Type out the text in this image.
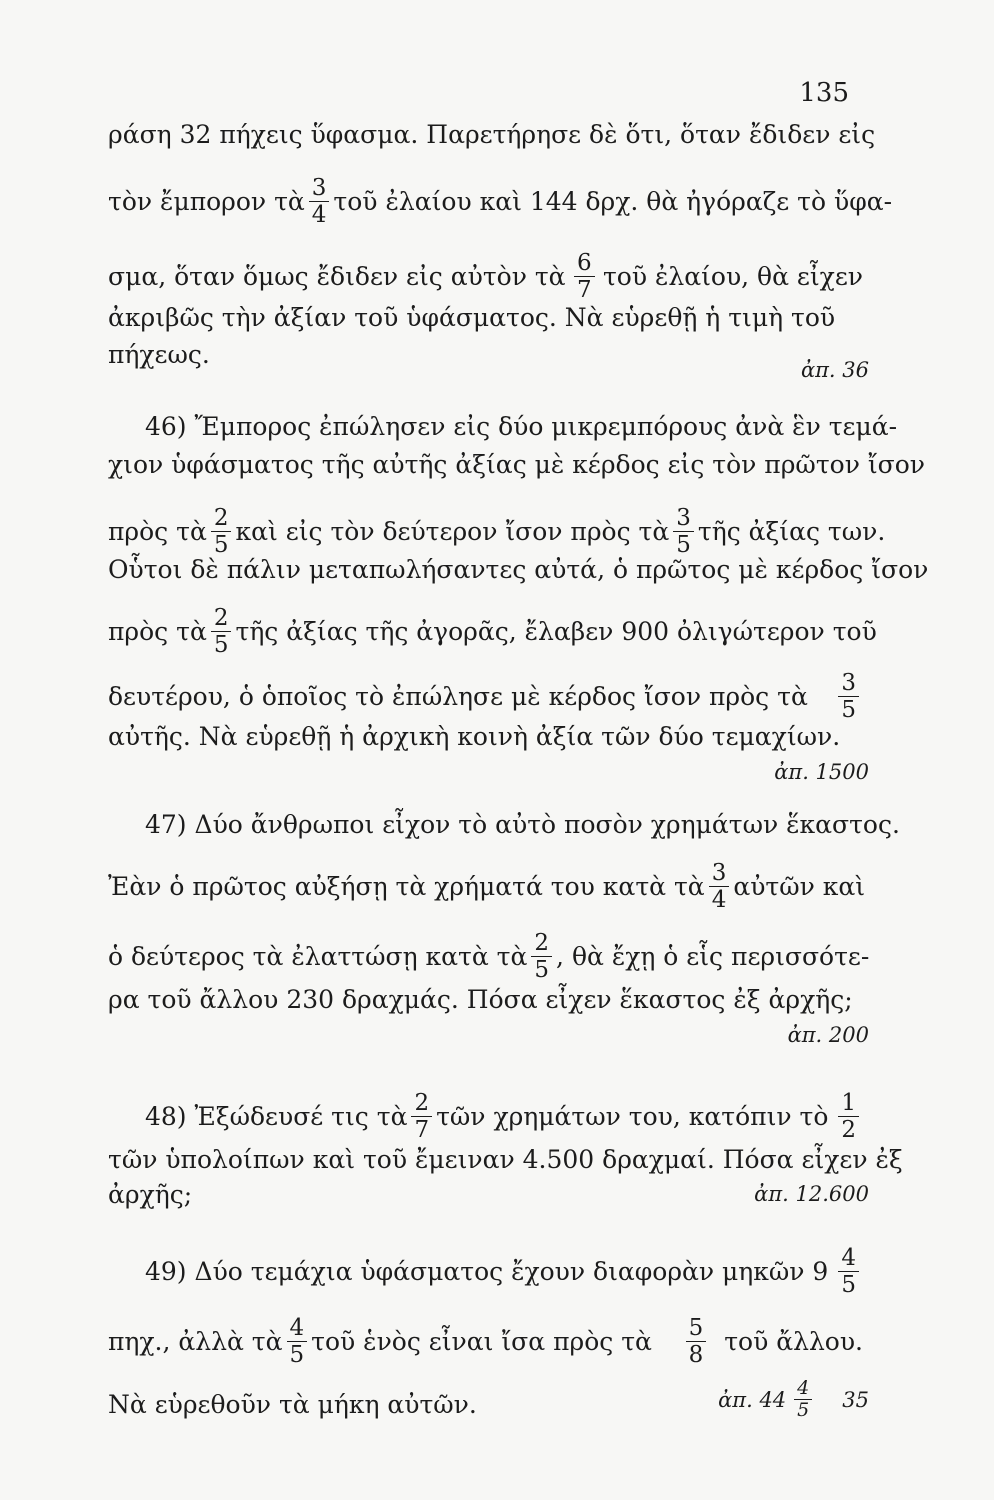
135
ράση 32 πήχεις ὕφασμα. Παρετήρησε δὲ ὅτι, ὅταν ἔδιδεν εἰς
τὸν ἔμπορον τὰ $\frac{3}{4}$ τοῦ ἐλαίου καὶ 144 δρχ. θὰ ἠγόραζε τὸ ὕφα-
σμα, ὅταν ὅμως ἔδιδεν εἰς αὐτὸν τὰ $\frac{6}{7}$ τοῦ ἐλαίου, θὰ εἶχεν
ἀκριβῶς τὴν ἀξίαν τοῦ ὑφάσματος. Νὰ εὑρεθῇ ἡ τιμὴ τοῦ
πήχεως.
ἀπ. 36
46) Ἔμπορος ἐπώλησεν εἰς δύο μικρεμπόρους ἀνὰ ἓν τεμά-
χιον ὑφάσματος τῆς αὐτῆς ἀξίας μὲ κέρδος εἰς τὸν πρῶτον ἴσον
πρὸς τὰ $\frac{2}{5}$ καὶ εἰς τὸν δεύτερον ἴσον πρὸς τὰ $\frac{3}{5}$ τῆς ἀξίας των.
Οὗτοι δὲ πάλιν μεταπωλήσαντες αὐτά, ὁ πρῶτος μὲ κέρδος ἴσον
πρὸς τὰ $\frac{2}{5}$ τῆς ἀξίας τῆς ἀγορᾶς, ἔλαβεν 900 ὀλιγώτερον τοῦ
δευτέρου, ὁ ὁποῖος τὸ ἐπώλησε μὲ κέρδος ἴσον πρὸς τὰ $\frac{3}{5}$
αὐτῆς. Νὰ εὑρεθῇ ἡ ἀρχικὴ κοινὴ ἀξία τῶν δύο τεμαχίων.
ἀπ. 1500
47) Δύο ἄνθρωποι εἶχον τὸ αὐτὸ ποσὸν χρημάτων ἕκαστος.
Ἐὰν ὁ πρῶτος αὐξήσῃ τὰ χρήματά του κατὰ τὰ $\frac{3}{4}$ αὐτῶν καὶ
ὁ δεύτερος τὰ ἐλαττώσῃ κατὰ τὰ $\frac{2}{5}$ , θὰ ἔχῃ ὁ εἷς περισσότε-
ρα τοῦ ἄλλου 230 δραχμάς. Πόσα εἶχεν ἕκαστος ἐξ ἀρχῆς;
ἀπ. 200
48) Ἐξώδευσέ τις τὰ $\frac{2}{7}$ τῶν χρημάτων του, κατόπιν τὸ $\frac{1}{2}$
τῶν ὑπολοίπων καὶ τοῦ ἔμειναν 4.500 δραχμαί. Πόσα εἶχεν ἐξ
ἀρχῆς;	ἀπ. 12.600
49) Δύο τεμάχια ὑφάσματος ἔχουν διαφορὰν μηκῶν $9 \frac{4}{5}$
πηχ., ἀλλὰ τὰ $\frac{4}{5}$ τοῦ ἑνὸς εἶναι ἴσα πρὸς τὰ $\frac{5}{8}$ τοῦ ἄλλου.
Νὰ εὑρεθοῦν τὰ μήκη αὐτῶν.	ἀπ. $44 \frac{4}{5} 35$
